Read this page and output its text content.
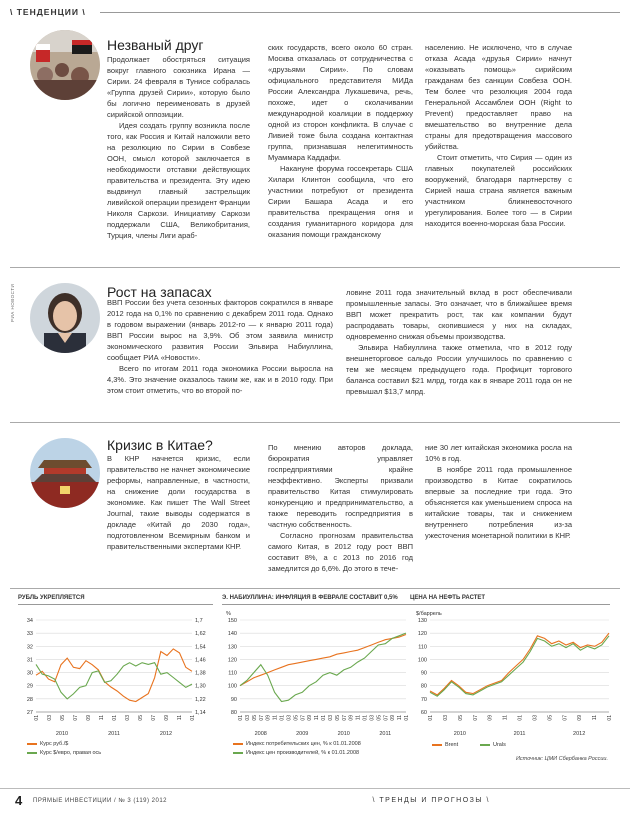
\ ТЕНДЕНЦИИ \
Незваный друг

Продолжает обостряться ситуация вокруг главного союзника Ирана — Сирии. 24 февраля в Тунисе собралась «Группа друзей Сирии», которую было бы логично переименовать в друзей сирийской оппозиции.

Идея создать группу возникла после того, как Россия и Китай наложили вето на резолюцию по Сирии в Совбезе ООН, смысл которой заключается в необходимости отставки действующих правительства и президента. Эту идею выдвинул главный застрельщик ливийской операции президент Франции Николя Саркози. Инициативу Саркози поддержали США, Великобритания, Турция, члены Лиги араб-

ских государств, всего около 60 стран. Москва отказалась от сотрудничества с «друзьями Сирии». По словам официального представителя МИДа России Александра Лукашевича, речь, похоже, идет о сколачивании международной коалиции в поддержку одной из сторон конфликта. В случае с Ливией тоже была создана контактная группа, признавшая нелегитимность Муаммара Каддафи.

Накануне форума госсекретарь США Хилари Клинтон сообщила, что его участники потребуют от президента Сирии Башара Асада и его правительства прекращения огня и создания гуманитарного коридора для оказания помощи гражданскому

населению. Не исключено, что в случае отказа Асада «друзья Сирии» начнут «оказывать помощь» сирийским гражданам без санкции Совбеза ООН. Тем более что резолюция 2004 года Генеральной Ассамблеи ООН (Right to Prevent) предоставляет право на вмешательство во внутренние дела страны для предотвращения массового убийства.

Стоит отметить, что Сирия — один из главных покупателей российских вооружений, благодаря партнерству с Сирией наша страна является важным участником ближневосточного урегулирования. Более того — в Сирии находится военно-морская база России.

РИА НОВОСТИ	Рост на запасах

ВВП России без учета сезонных факторов сократился в январе 2012 года на 0,1% по сравнению с декабрем 2011 года. Однако в годовом выражении (январь 2012-го — к январю 2011 года) ВВП России вырос на 3,9%. Об этом заявила министр экономического развития России Эльвира Набиуллина, сообщает РИА «Новости».

Всего по итогам 2011 года экономика России выросла на 4,3%. Это значение оказалось таким же, как и в 2010 году. При этом стоит отметить, что во второй по-

ловине 2011 года значительный вклад в рост обеспечивали промышленные запасы. Это означает, что в ближайшее время ВВП может прекратить рост, так как компании будут распродавать товары, скопившиеся у них на складах, одновременно снижая объемы производства.

Эльвира Набиуллина также отметила, что в 2012 году внешнеторговое сальдо России улучшилось по сравнению с тем же месяцем предыдущего года. Профицит торгового баланса составил $21 млрд, тогда как в январе 2011 года он не превышал $13,7 млрд.

Кризис в Китае?

В КНР начнется кризис, если правительство не начнет экономические реформы, направленные, в частности, на снижение доли государства в экономике. Как пишет The Wall Street Journal, такие выводы содержатся в докладе «Китай до 2030 года», подготовленном Всемирным банком и правительственными экспертами КНР.

По мнению авторов доклада, бюрократия управляет госпредприятиями крайне неэффективно. Эксперты призвали правительство Китая стимулировать конкуренцию и предпринимательство, а также переводить госпредприятия в частную собственность.

Согласно прогнозам правительства самого Китая, в 2012 году рост ВВП составит 8%, а с 2013 по 2016 год замедлится до 6,6%. До этого в тече-

ние 30 лет китайская экономика росла на 10% в год.

В ноябре 2011 года промышленное производство в Китае сократилось впервые за последние три года. Это объясняется как уменьшением спроса на китайские товары, так и снижением внутреннего потребления из-за ужесточения монетарной политики в КНР.

РУБЛЬ УКРЕПЛЯЕТСЯ	Э. НАБИУЛЛИНА: ИНФЛЯЦИЯ В ФЕВРАЛЕ СОСТАВИТ 0,5% ЦЕНА НА НЕФТЬ РАСТЕТ
27
28
29
30
31
32
33
34
1,14
1,22
1,30
1,38
1,46
1,54
1,62
1,7
01 03 05 07 09 11 01 03 05 07 09 11 01
2010	2011	2012
80
90
100
110
120
130
140
150
%
01 03 05 07 09 11 01 03 05 07 09 11 01 03 05 07 09 11 01 03 05 07 09 11 01
2008	2009	2010	2011
60
70
80
90
100
110
120
130
$/баррель
01 03 05 07 09 11 01 03 05 07 09 11 01
2010	2011	2012
Курс руб./$
Курс $/евро, правая ось
Индекс потребительских цен, % к 01.01.2008
Индекс цен производителей, % к 01.01.2008
Brent	Urals
Источник: ЦМИ Сбербанка России.
4 ПРЯМЫЕ ИНВЕСТИЦИИ / № 3 (119) 2012	\ ТРЕНДЫ И ПРОГНОЗЫ \
